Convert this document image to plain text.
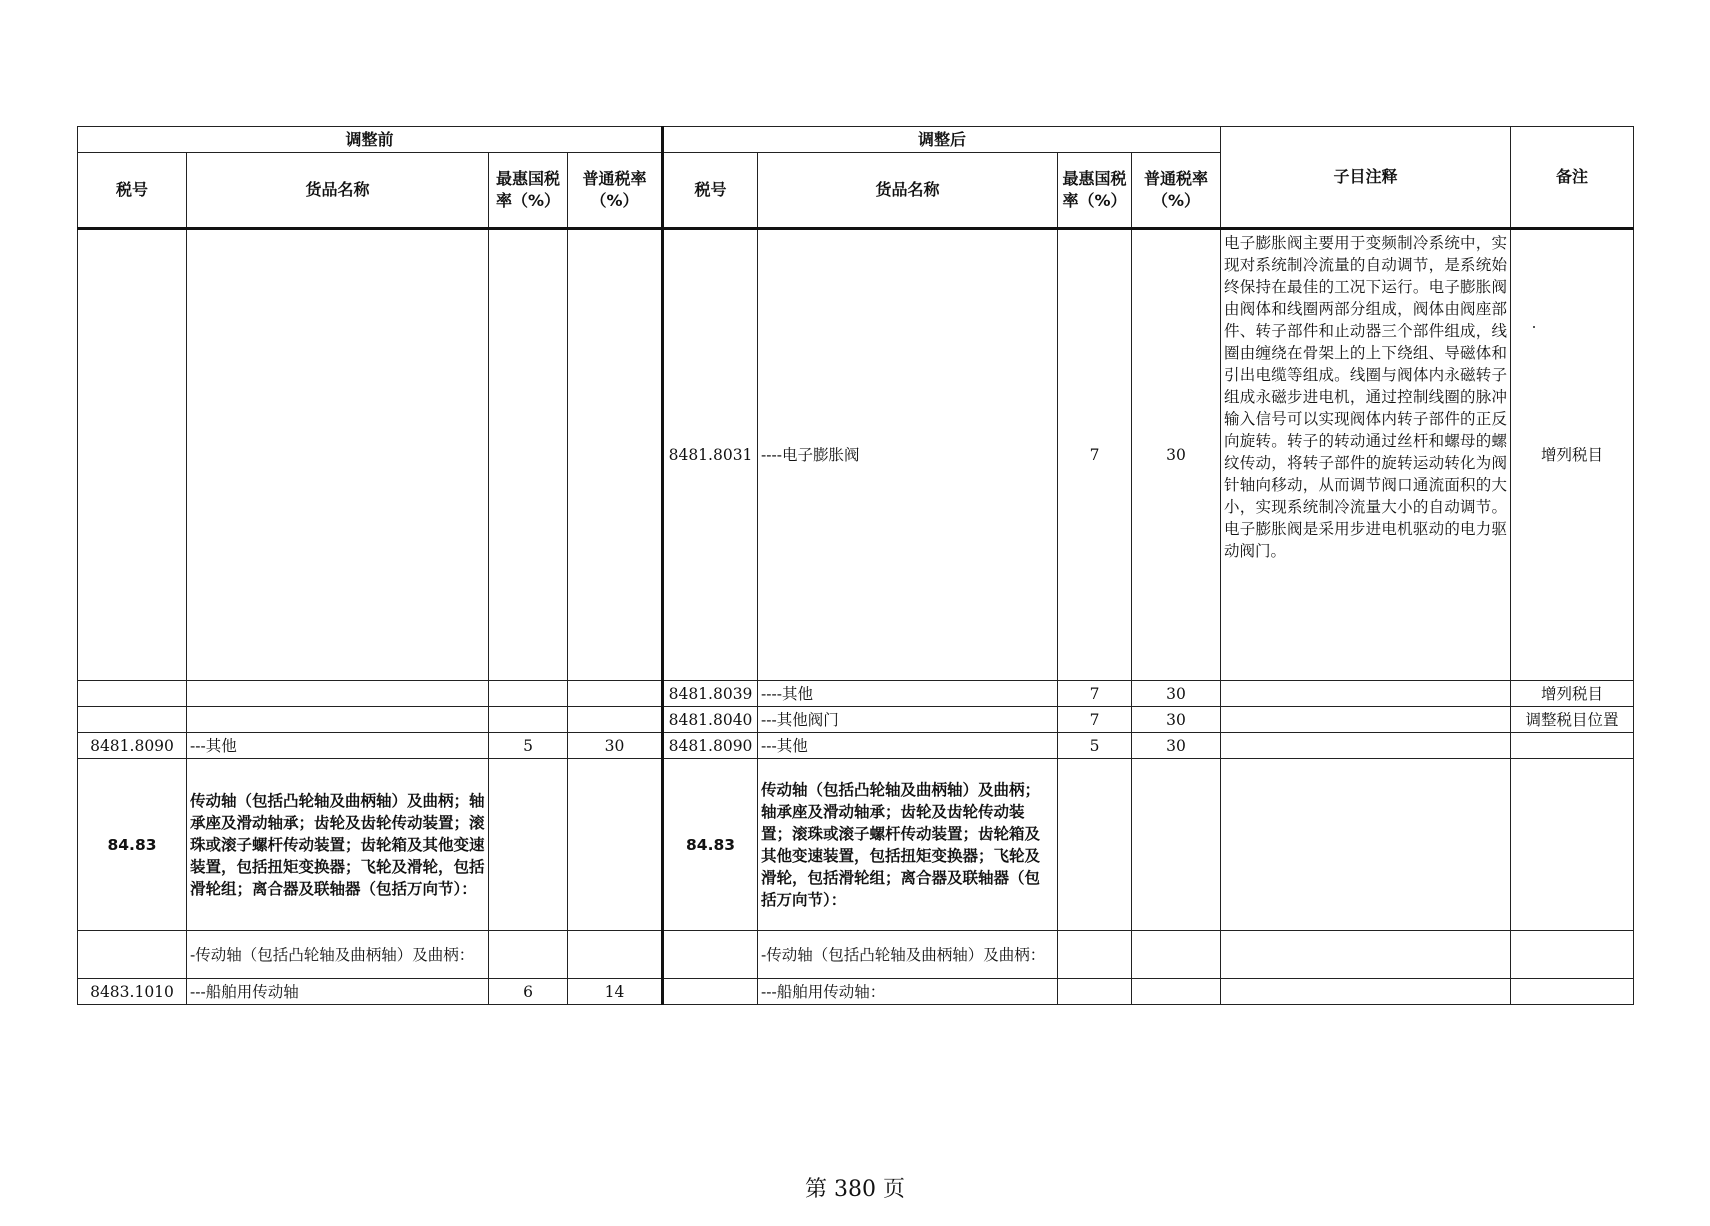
调整前				调整后				子目注释	备注
税号	货品名称	最惠国税率（%）	普通税率（%）	税号	货品名称	最惠国税率（%）	普通税率（%）		
				8481.8031	----电子膨胀阀	7	30	电子膨胀阀主要用于变频制冷系统中，实现对系统制冷流量的自动调节，是系统始终保持在最佳的工况下运行。电子膨胀阀由阀体和线圈两部分组成，阀体由阀座部件、转子部件和止动器三个部件组成，线圈由缠绕在骨架上的上下绕组、导磁体和引出电缆等组成。线圈与阀体内永磁转子组成永磁步进电机，通过控制线圈的脉冲输入信号可以实现阀体内转子部件的正反向旋转。转子的转动通过丝杆和螺母的螺纹传动，将转子部件的旋转运动转化为阀针轴向移动，从而调节阀口通流面积的大小，实现系统制冷流量大小的自动调节。电子膨胀阀是采用步进电机驱动的电力驱动阀门。	增列税目
				8481.8039	----其他	7	30		增列税目
				8481.8040	---其他阀门	7	30		调整税目位置
8481.8090	---其他	5	30	8481.8090	---其他	5	30		
84.83	传动轴（包括凸轮轴及曲柄轴）及曲柄；轴承座及滑动轴承；齿轮及齿轮传动装置；滚珠或滚子螺杆传动装置；齿轮箱及其他变速装置，包括扭矩变换器；飞轮及滑轮，包括滑轮组；离合器及联轴器（包括万向节）：			84.83	传动轴（包括凸轮轴及曲柄轴）及曲柄；轴承座及滑动轴承；齿轮及齿轮传动装置；滚珠或滚子螺杆传动装置；齿轮箱及其他变速装置，包括扭矩变换器；飞轮及滑轮，包括滑轮组；离合器及联轴器（包括万向节）：				
	-传动轴（包括凸轮轴及曲柄轴）及曲柄：				-传动轴（包括凸轮轴及曲柄轴）及曲柄：				
8483.1010	---船舶用传动轴	6	14		---船舶用传动轴：				
第 380 页
